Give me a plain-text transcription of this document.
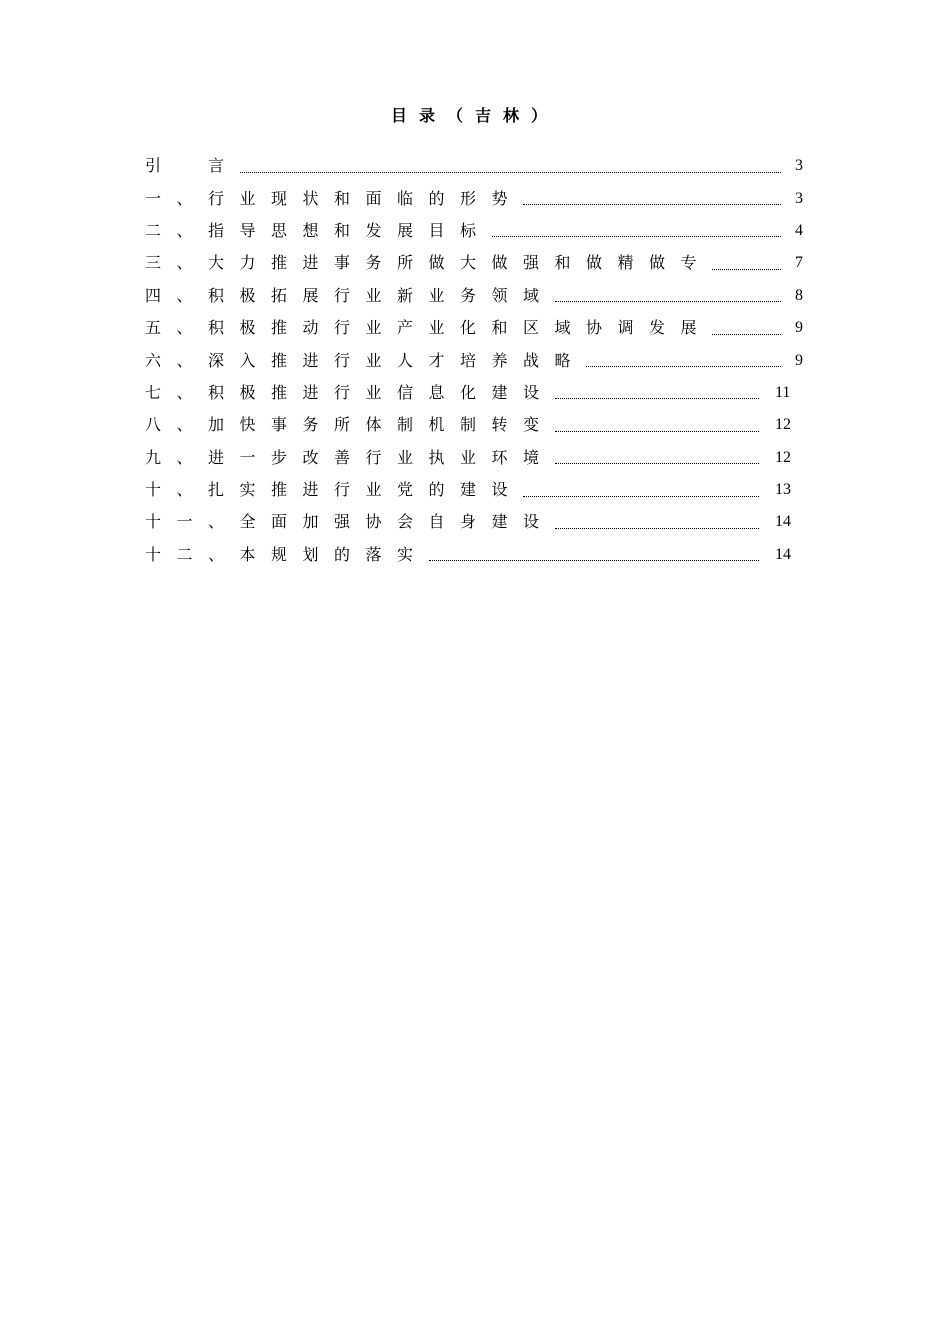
目录（吉林）
引　言	3
一、行业现状和面临的形势	3
二、指导思想和发展目标	4
三、大力推进事务所做大做强和做精做专	7
四、积极拓展行业新业务领域	8
五、积极推动行业产业化和区域协调发展	9
六、深入推进行业人才培养战略	9
七、积极推进行业信息化建设	11
八、加快事务所体制机制转变	12
九、进一步改善行业执业环境	12
十、扎实推进行业党的建设	13
十一、全面加强协会自身建设	14
十二、本规划的落实	14
